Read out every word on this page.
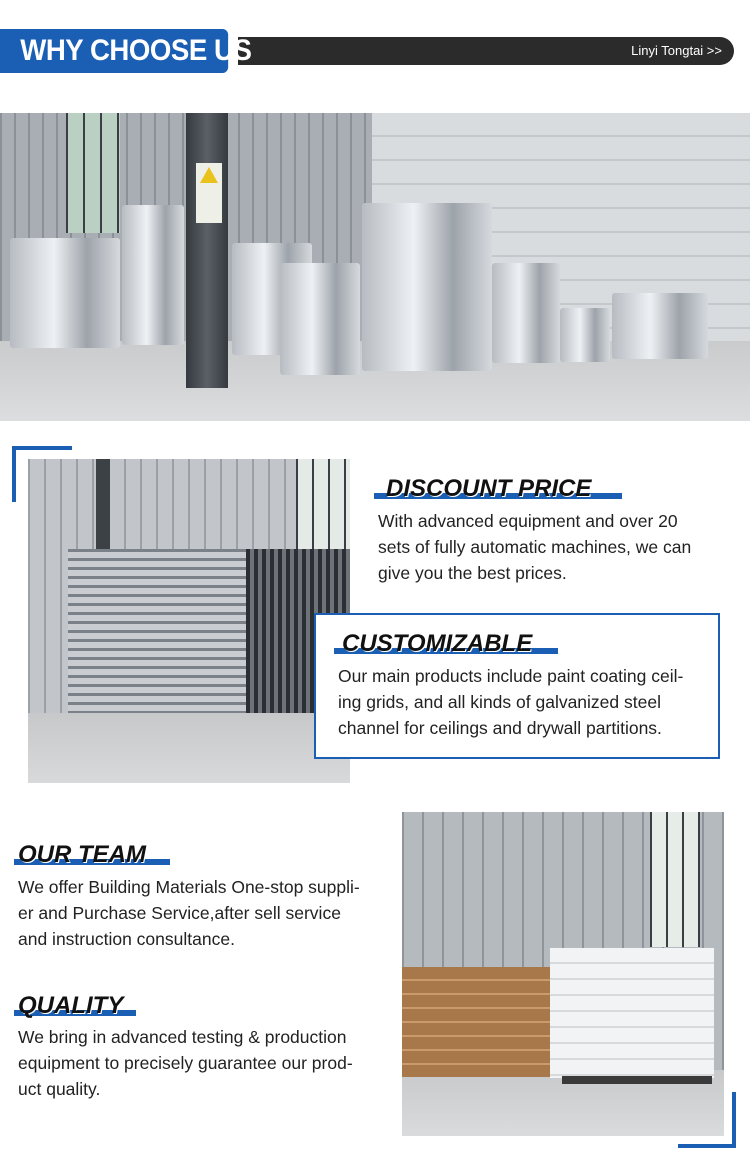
WHY CHOOSE US	Linyi Tongtai >>
DISCOUNT PRICE
With advanced equipment and over 20
sets of fully automatic machines, we can
give you the best prices.
CUSTOMIZABLE
Our main products include paint coating ceil-
ing grids, and all kinds of galvanized steel
channel for ceilings and drywall partitions.
OUR TEAM
We offer Building Materials One-stop suppli-
er and Purchase Service,after sell service
and instruction consultance.
QUALITY
We bring in advanced testing & production
equipment to precisely guarantee our prod-
uct quality.
